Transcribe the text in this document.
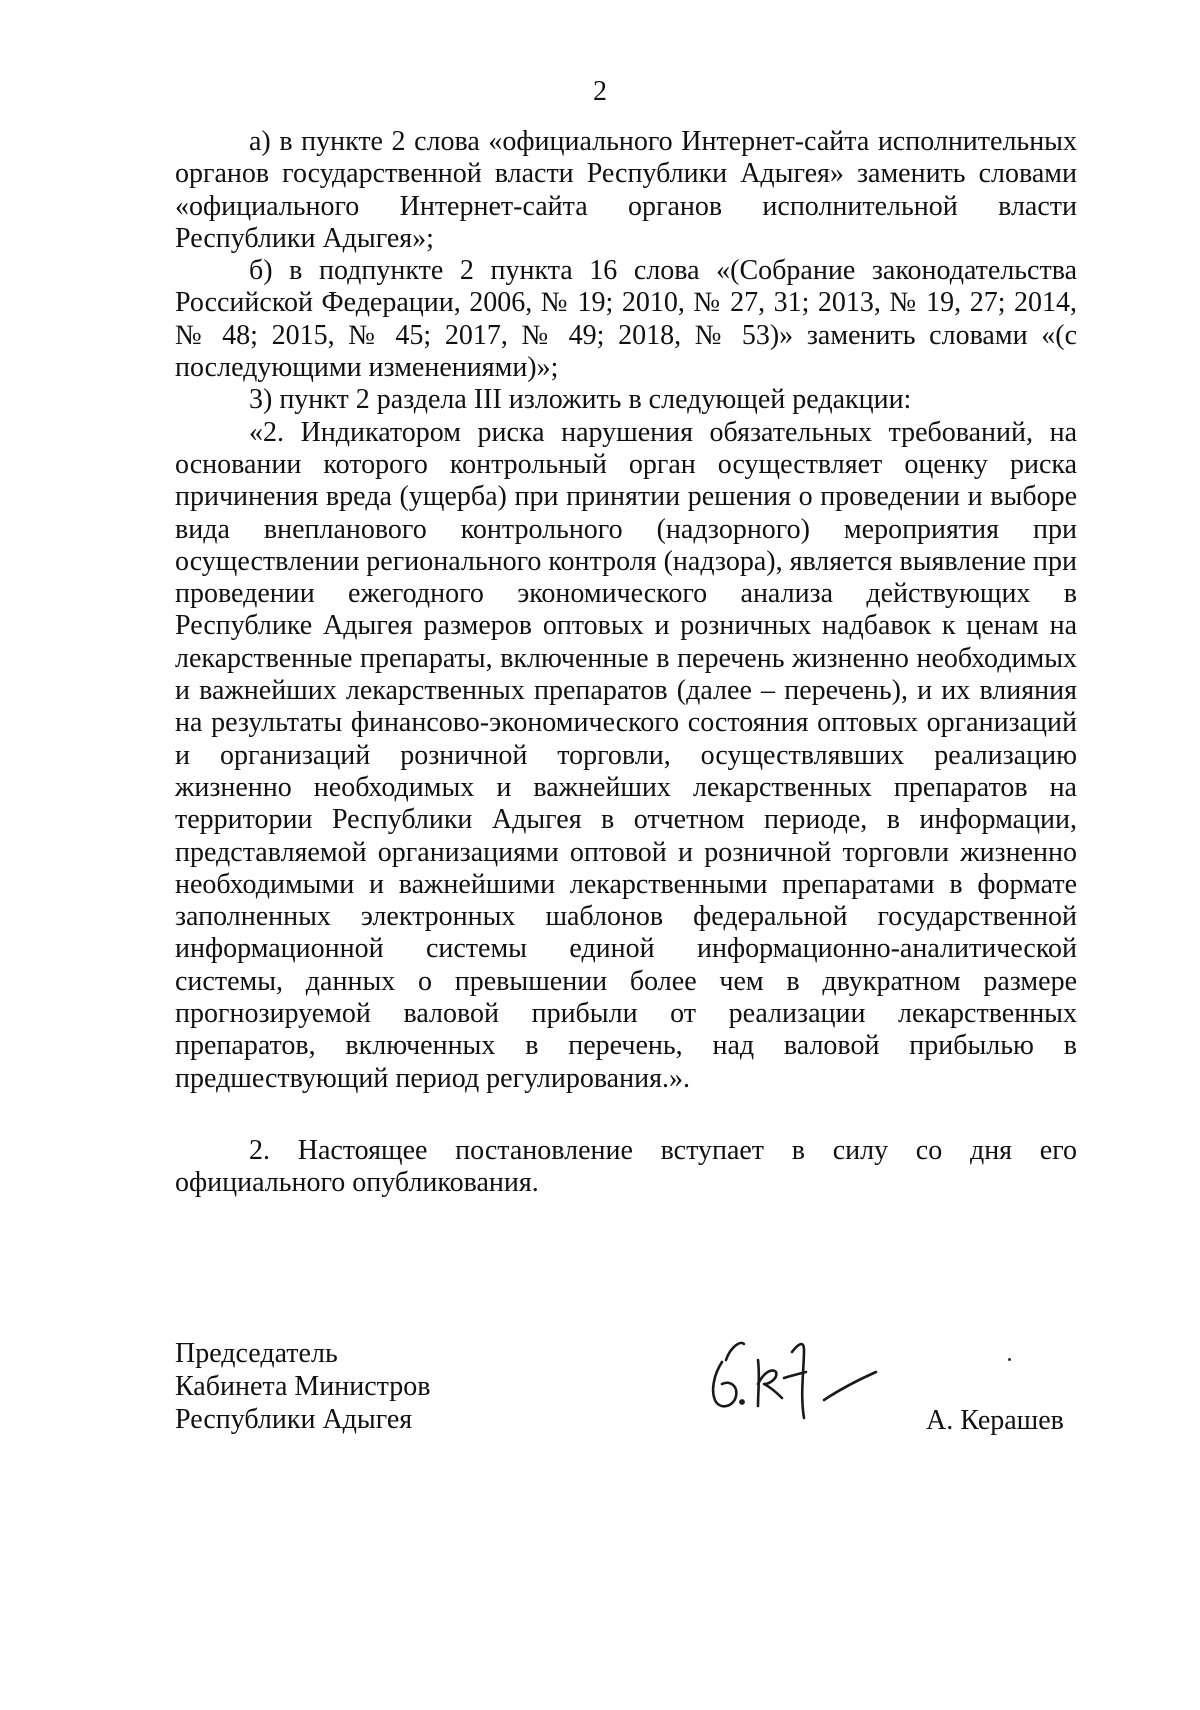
2

а) в пункте 2 слова «официального Интернет-сайта исполнительных органов государственной власти Республики Адыгея» заменить словами «официального Интернет-сайта органов исполнительной власти Республики Адыгея»;

б) в подпункте 2 пункта 16 слова «(Собрание законодательства Российской Федерации, 2006, № 19; 2010, № 27, 31; 2013, № 19, 27; 2014, № 48; 2015, № 45; 2017, № 49; 2018, № 53)» заменить словами «(с последующими изменениями)»;

3) пункт 2 раздела III изложить в следующей редакции:

«2. Индикатором риска нарушения обязательных требований, на основании которого контрольный орган осуществляет оценку риска причинения вреда (ущерба) при принятии решения о проведении и выборе вида внепланового контрольного (надзорного) мероприятия при осуществлении регионального контроля (надзора), является выявление при проведении ежегодного экономического анализа действующих в Республике Адыгея размеров оптовых и розничных надбавок к ценам на лекарственные препараты, включенные в перечень жизненно необходимых и важнейших лекарственных препаратов (далее – перечень), и их влияния на результаты финансово-экономического состояния оптовых организаций и организаций розничной торговли, осуществлявших реализацию жизненно необходимых и важнейших лекарственных препаратов на территории Республики Адыгея в отчетном периоде, в информации, представляемой организациями оптовой и розничной торговли жизненно необходимыми и важнейшими лекарственными препаратами в формате заполненных электронных шаблонов федеральной государственной информационной системы единой информационно-аналитической системы, данных о превышении более чем в двукратном размере прогнозируемой валовой прибыли от реализации лекарственных препаратов, включенных в перечень, над валовой прибылью в предшествующий период регулирования.».

2. Настоящее постановление вступает в силу со дня его официального опубликования.

Председатель
Кабинета Министров
Республики Адыгея	А. Керашев
